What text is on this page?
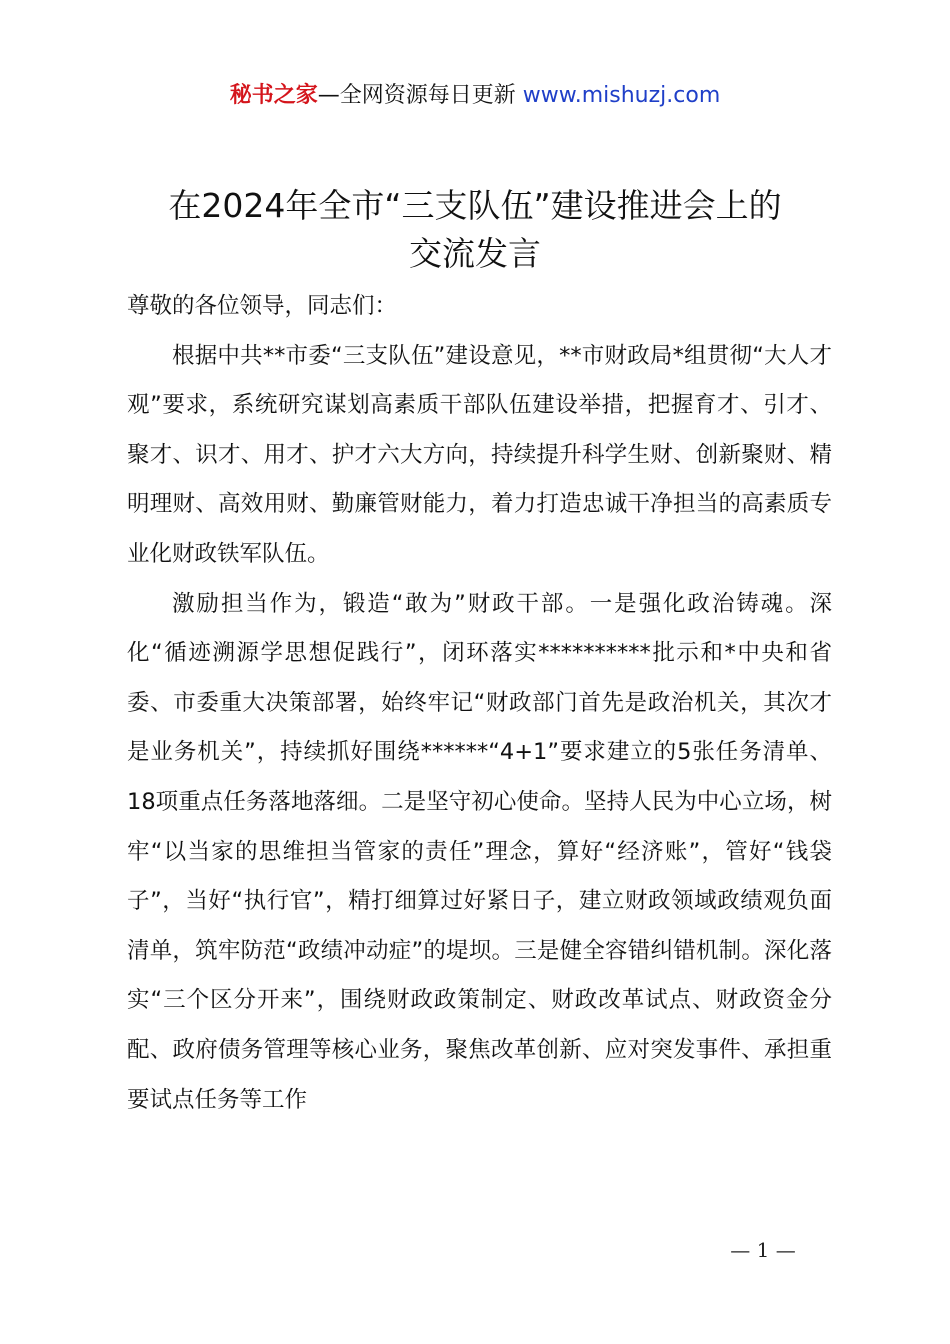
秘书之家—全网资源每日更新 www.mishuzj.com
在2024年全市“三支队伍”建设推进会上的
交流发言

尊敬的各位领导，同志们：

根据中共**市委“三支队伍”建设意见，**市财政局*组贯彻“大人才观”要求，系统研究谋划高素质干部队伍建设举措，把握育才、引才、聚才、识才、用才、护才六大方向，持续提升科学生财、创新聚财、精明理财、高效用财、勤廉管财能力，着力打造忠诚干净担当的高素质专业化财政铁军队伍。

激励担当作为，锻造“敢为”财政干部。一是强化政治铸魂。深化“循迹溯源学思想促践行”，闭环落实**********批示和*中央和省委、市委重大决策部署，始终牢记“财政部门首先是政治机关，其次才是业务机关”，持续抓好围绕******“4+1”要求建立的5张任务清单、18项重点任务落地落细。二是坚守初心使命。坚持人民为中心立场，树牢“以当家的思维担当管家的责任”理念，算好“经济账”，管好“钱袋子”，当好“执行官”，精打细算过好紧日子，建立财政领域政绩观负面清单，筑牢防范“政绩冲动症”的堤坝。三是健全容错纠错机制。深化落实“三个区分开来”，围绕财政政策制定、财政改革试点、财政资金分配、政府债务管理等核心业务，聚焦改革创新、应对突发事件、承担重要试点任务等工作

— 1 —
